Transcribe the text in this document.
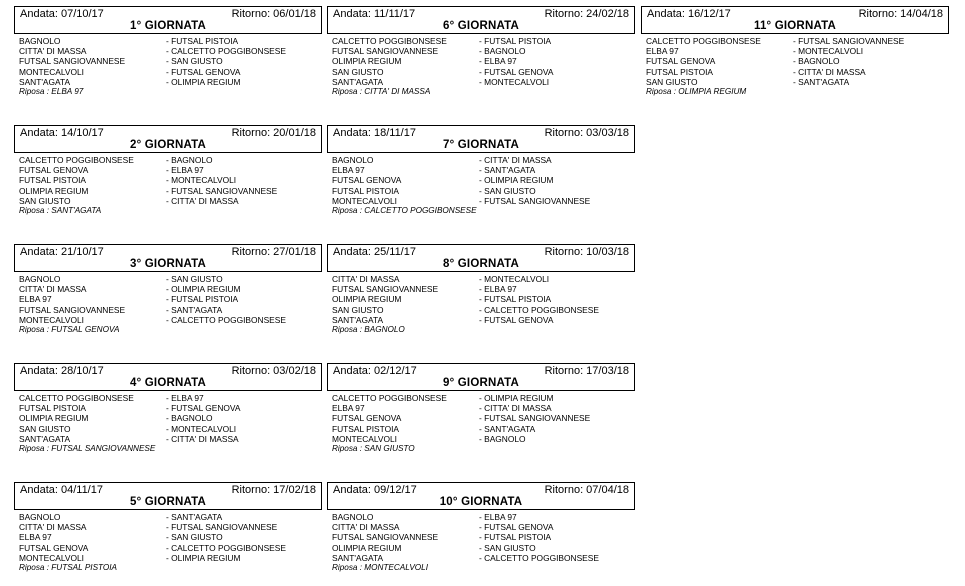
Andata: 07/10/17	Ritorno: 06/01/18
1° GIORNATA
BAGNOLO	- FUTSAL PISTOIA
CITTA' DI MASSA	- CALCETTO POGGIBONSESE
FUTSAL SANGIOVANNESE	- SAN GIUSTO
MONTECALVOLI	- FUTSAL GENOVA
SANT'AGATA	- OLIMPIA REGIUM
Riposa : ELBA 97
Andata: 14/10/17	Ritorno: 20/01/18
2° GIORNATA
CALCETTO POGGIBONSESE	- BAGNOLO
FUTSAL GENOVA	- ELBA 97
FUTSAL PISTOIA	- MONTECALVOLI
OLIMPIA REGIUM	- FUTSAL SANGIOVANNESE
SAN GIUSTO	- CITTA' DI MASSA
Riposa : SANT'AGATA
Andata: 21/10/17	Ritorno: 27/01/18
3° GIORNATA
BAGNOLO	- SAN GIUSTO
CITTA' DI MASSA	- OLIMPIA REGIUM
ELBA 97	- FUTSAL PISTOIA
FUTSAL SANGIOVANNESE	- SANT'AGATA
MONTECALVOLI	- CALCETTO POGGIBONSESE
Riposa : FUTSAL GENOVA
Andata: 28/10/17	Ritorno: 03/02/18
4° GIORNATA
CALCETTO POGGIBONSESE	- ELBA 97
FUTSAL PISTOIA	- FUTSAL GENOVA
OLIMPIA REGIUM	- BAGNOLO
SAN GIUSTO	- MONTECALVOLI
SANT'AGATA	- CITTA' DI MASSA
Riposa : FUTSAL SANGIOVANNESE
Andata: 04/11/17	Ritorno: 17/02/18
5° GIORNATA
BAGNOLO	- SANT'AGATA
CITTA' DI MASSA	- FUTSAL SANGIOVANNESE
ELBA 97	- SAN GIUSTO
FUTSAL GENOVA	- CALCETTO POGGIBONSESE
MONTECALVOLI	- OLIMPIA REGIUM
Riposa : FUTSAL PISTOIA
Andata: 11/11/17	Ritorno: 24/02/18
6° GIORNATA
CALCETTO POGGIBONSESE	- FUTSAL PISTOIA
FUTSAL SANGIOVANNESE	- BAGNOLO
OLIMPIA REGIUM	- ELBA 97
SAN GIUSTO	- FUTSAL GENOVA
SANT'AGATA	- MONTECALVOLI
Riposa : CITTA' DI MASSA
Andata: 18/11/17	Ritorno: 03/03/18
7° GIORNATA
BAGNOLO	- CITTA' DI MASSA
ELBA 97	- SANT'AGATA
FUTSAL GENOVA	- OLIMPIA REGIUM
FUTSAL PISTOIA	- SAN GIUSTO
MONTECALVOLI	- FUTSAL SANGIOVANNESE
Riposa : CALCETTO POGGIBONSESE
Andata: 25/11/17	Ritorno: 10/03/18
8° GIORNATA
CITTA' DI MASSA	- MONTECALVOLI
FUTSAL SANGIOVANNESE	- ELBA 97
OLIMPIA REGIUM	- FUTSAL PISTOIA
SAN GIUSTO	- CALCETTO POGGIBONSESE
SANT'AGATA	- FUTSAL GENOVA
Riposa : BAGNOLO
Andata: 02/12/17	Ritorno: 17/03/18
9° GIORNATA
CALCETTO POGGIBONSESE	- OLIMPIA REGIUM
ELBA 97	- CITTA' DI MASSA
FUTSAL GENOVA	- FUTSAL SANGIOVANNESE
FUTSAL PISTOIA	- SANT'AGATA
MONTECALVOLI	- BAGNOLO
Riposa : SAN GIUSTO
Andata: 09/12/17	Ritorno: 07/04/18
10° GIORNATA
BAGNOLO	- ELBA 97
CITTA' DI MASSA	- FUTSAL GENOVA
FUTSAL SANGIOVANNESE	- FUTSAL PISTOIA
OLIMPIA REGIUM	- SAN GIUSTO
SANT'AGATA	- CALCETTO POGGIBONSESE
Riposa : MONTECALVOLI
Andata: 16/12/17	Ritorno: 14/04/18
11° GIORNATA
CALCETTO POGGIBONSESE	- FUTSAL SANGIOVANNESE
ELBA 97	- MONTECALVOLI
FUTSAL GENOVA	- BAGNOLO
FUTSAL PISTOIA	- CITTA' DI MASSA
SAN GIUSTO	- SANT'AGATA
Riposa : OLIMPIA REGIUM
